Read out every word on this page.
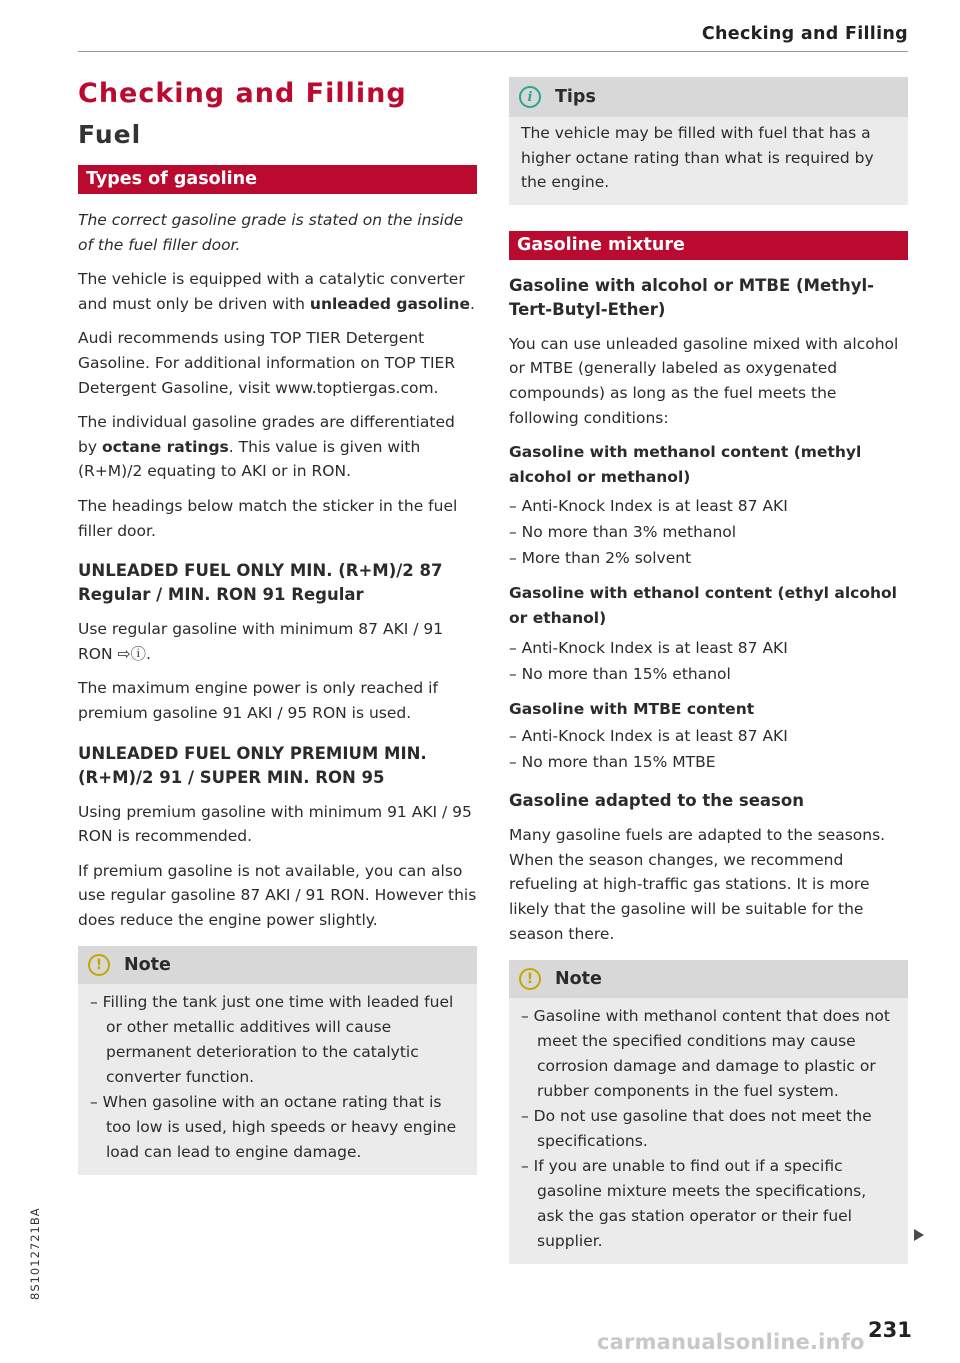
Checking and Filling
Checking and Filling
Fuel
Types of gasoline

The correct gasoline grade is stated on the inside of the fuel filler door.

The vehicle is equipped with a catalytic converter and must only be driven with unleaded gasoline.

Audi recommends using TOP TIER Detergent Gasoline. For additional information on TOP TIER Detergent Gasoline, visit www.toptiergas.com.

The individual gasoline grades are differentiated by octane ratings. This value is given with (R+M)/2 equating to AKI or in RON.

The headings below match the sticker in the fuel filler door.

UNLEADED FUEL ONLY MIN. (R+M)/2 87 Regular / MIN. RON 91 Regular

Use regular gasoline with minimum 87 AKI / 91 RON ⇨ⓘ.

The maximum engine power is only reached if premium gasoline 91 AKI / 95 RON is used.

UNLEADED FUEL ONLY PREMIUM MIN. (R+M)/2 91 / SUPER MIN. RON 95

Using premium gasoline with minimum 91 AKI / 95 RON is recommended.

If premium gasoline is not available, you can also use regular gasoline 87 AKI / 91 RON. However this does reduce the engine power slightly.

!	Note

– Filling the tank just one time with leaded fuel or other metallic additives will cause permanent deterioration to the catalytic converter function.

– When gasoline with an octane rating that is too low is used, high speeds or heavy engine load can lead to engine damage.

i	Tips

The vehicle may be filled with fuel that has a higher octane rating than what is required by the engine.

Gasoline mixture
Gasoline with alcohol or MTBE (Methyl-Tert-Butyl-Ether)

You can use unleaded gasoline mixed with alcohol or MTBE (generally labeled as oxygenated compounds) as long as the fuel meets the following conditions:

Gasoline with methanol content (methyl alcohol or methanol)

– Anti-Knock Index is at least 87 AKI

– No more than 3% methanol

– More than 2% solvent

Gasoline with ethanol content (ethyl alcohol or ethanol)

– Anti-Knock Index is at least 87 AKI

– No more than 15% ethanol

Gasoline with MTBE content

– Anti-Knock Index is at least 87 AKI

– No more than 15% MTBE

Gasoline adapted to the season

Many gasoline fuels are adapted to the seasons. When the season changes, we recommend refueling at high-traffic gas stations. It is more likely that the gasoline will be suitable for the season there.

!	Note

– Gasoline with methanol content that does not meet the specified conditions may cause corrosion damage and damage to plastic or rubber components in the fuel system.

– Do not use gasoline that does not meet the specifications.

– If you are unable to find out if a specific gasoline mixture meets the specifications, ask the gas station operator or their fuel supplier.

8S1012721BA
231
carmanualsonline.info
